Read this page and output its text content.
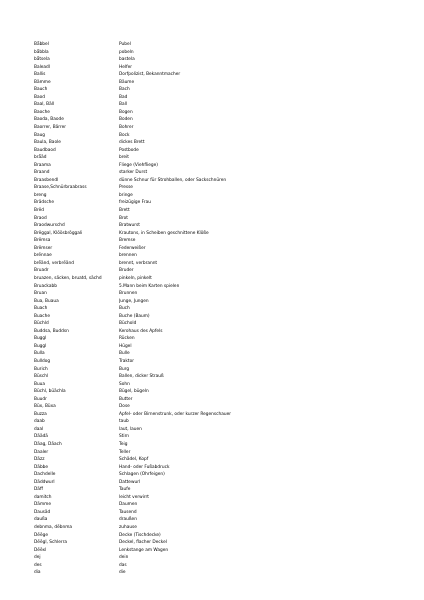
Bä̈bbel	Pubel
bä̈bbla	pobeln
bä̈tsela	bastela
Baleadl	Helfer
Ballis	Dorfpolizist, Bekanntmacher
Bämme	Bäume
Bauch	Bach
Baod	Bad
Baal, Bäll	Ball
Baoche	Bogen
Baoda, Baode	Boden
Baorrer, Bärrer	Bohrer
Baug	Bock
Baula, Baole	dickes Brett
Baudbaod	Postbode
brä̈äd	breit
Braama	Fliege (Viehfliege)
Braand	starker Durst
Braasbendl	dünne Schnur für Strohballen, oder Sackschnüren
Braase,Schnürbraabrass	Presse
breng	bringe
Brädsche	freizügige Frau
Brëd	Brett
Braod	Brot
Braodwurschd	Bratwurst
Brëggal, Klöösbröggali	Krautons, in Scheiben geschnittene Klöße
Brëmsa	Bremse
Brëmser	Federweißer
brënnae	brennen
brë̈änd, verbrëänd	brennt, verbrannt
Bruadr	Bruder
bruazen, säcken, bruatd, sächd	pinkeln, pinkelt
Bruackabb	5.Mann beim Karten spielen
Bruan	Brunnen
Bua, Buaua	Junge, Jungen
Buach	Buch
Buache	Buche (Baum)
Büchld	Büchold
Buddsa, Buddsn	Kerohaus des Apfels
Buggl	Rücken
Buggl	Hügel
Bulla	Bulle
Bulldog	Traktor
Burich	Burg
Büschl	Ballen, dicker Strauß
Buua	Sohn
Büchl, büächla	Bügel, bügeln
Buudr	Butter
Büx, Büxa	Dose
Buzza	Apfel- oder Birnenstrunk, oder kurzer Regenschauer
daab	taub
daal	laut, lauen
Däädä	Stirn
Däag, Däach	Teig
Daaler	Teller
Däzz	Schädel, Kopf
Däbbe	Hand- oder Fußabdruck
Dachdelle	Schlagen (Ohrfeigen)
Däddwurl	Dattewurl
Däff	Taufe
damitch	leicht verwirrt
Dämme	Daumen
Dausäd	Tausend
daußa	draußen
deb̈nma, dëb̈nma	zuhause
Dëëge	Decke (Tischdecke)
Dëëgl, Schlerra	Deckel, flacher Deckel
Dëëxl	Lenkstange am Wagen
dej	dein
des	das
dia	die
